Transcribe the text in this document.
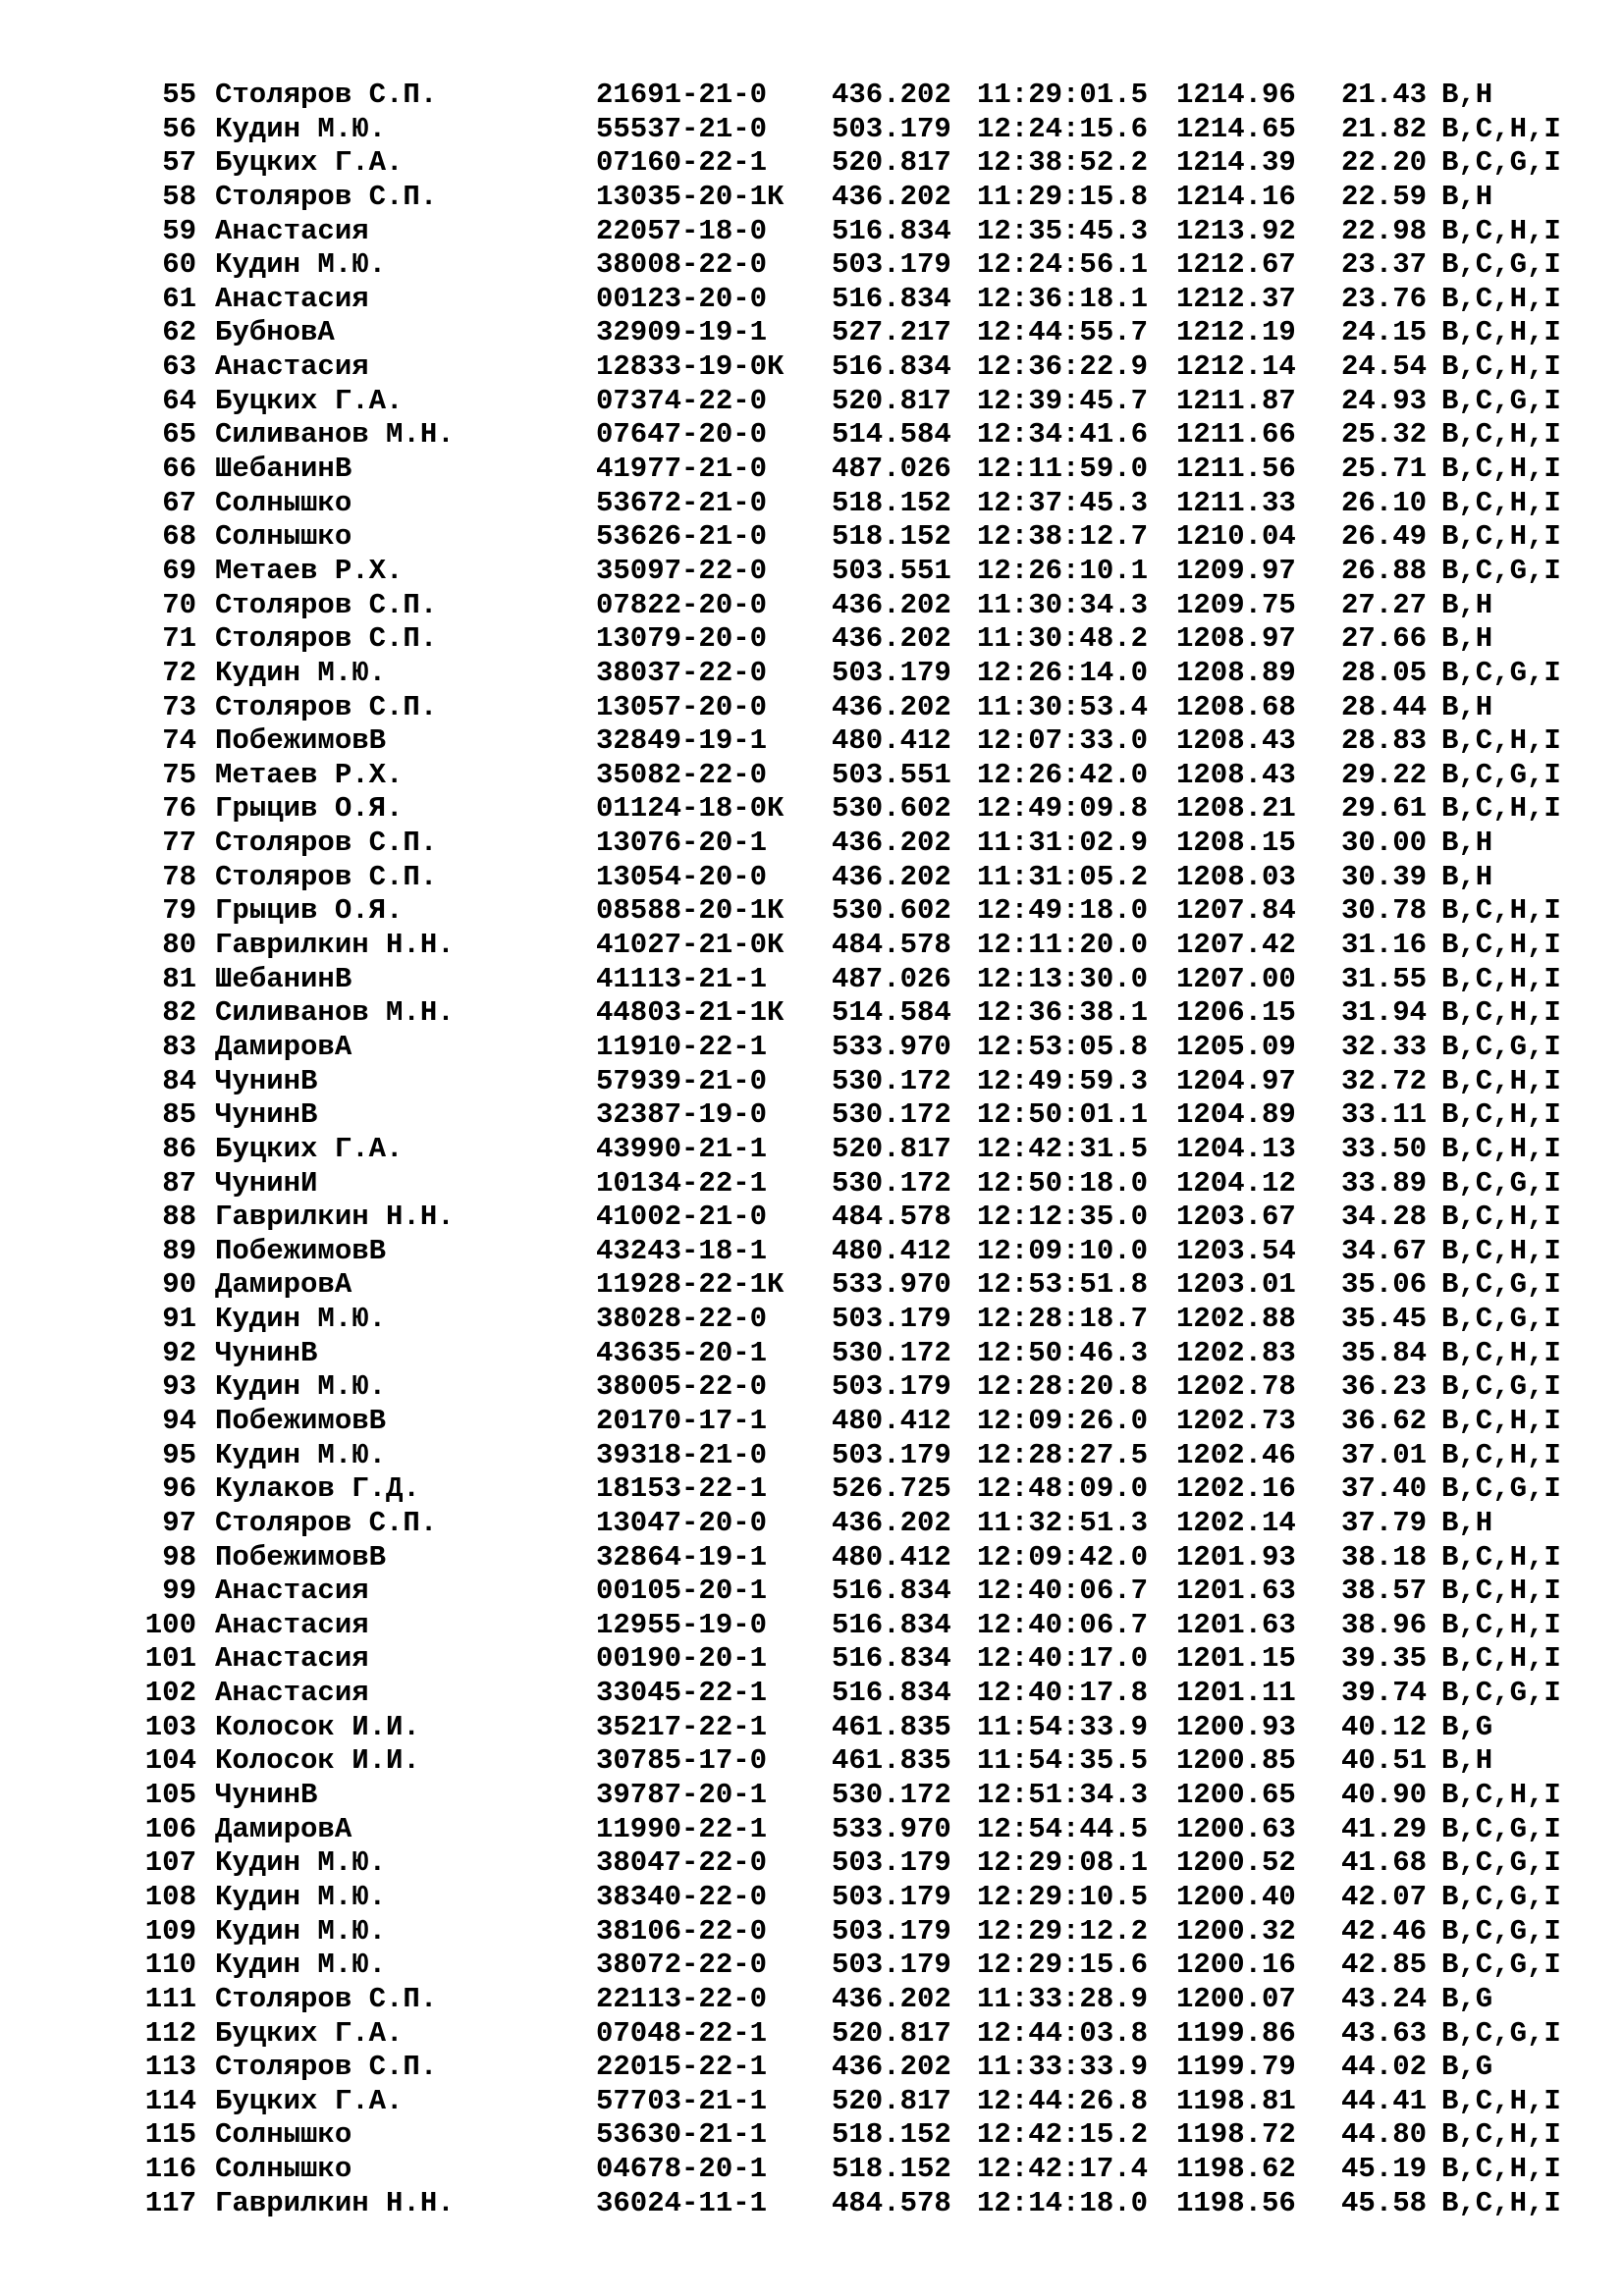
55 Столяров С.П.	21691-21-0 436.202 11:29:01.5 1214.96 21.43 B,H
56 Кудин М.Ю.	55537-21-0 503.179 12:24:15.6 1214.65 21.82 B,C,H,I
57 Буцких Г.А.	07160-22-1 520.817 12:38:52.2 1214.39 22.20 B,C,G,I
58 Столяров С.П.	13035-20-1К 436.202 11:29:15.8 1214.16 22.59 B,H
59 Анастасия	22057-18-0 516.834 12:35:45.3 1213.92 22.98 B,C,H,I
60 Кудин М.Ю.	38008-22-0 503.179 12:24:56.1 1212.67 23.37 B,C,G,I
61 Анастасия	00123-20-0 516.834 12:36:18.1 1212.37 23.76 B,C,H,I
62 БубновА	32909-19-1 527.217 12:44:55.7 1212.19 24.15 B,C,H,I
63 Анастасия	12833-19-0К 516.834 12:36:22.9 1212.14 24.54 B,C,H,I
64 Буцких Г.А.	07374-22-0 520.817 12:39:45.7 1211.87 24.93 B,C,G,I
65 Силиванов М.Н.	07647-20-0 514.584 12:34:41.6 1211.66 25.32 B,C,H,I
66 ШебанинВ	41977-21-0 487.026 12:11:59.0 1211.56 25.71 B,C,H,I
67 Солнышко	53672-21-0 518.152 12:37:45.3 1211.33 26.10 B,C,H,I
68 Солнышко	53626-21-0 518.152 12:38:12.7 1210.04 26.49 B,C,H,I
69 Метаев Р.Х.	35097-22-0 503.551 12:26:10.1 1209.97 26.88 B,C,G,I
70 Столяров С.П.	07822-20-0 436.202 11:30:34.3 1209.75 27.27 B,H
71 Столяров С.П.	13079-20-0 436.202 11:30:48.2 1208.97 27.66 B,H
72 Кудин М.Ю.	38037-22-0 503.179 12:26:14.0 1208.89 28.05 B,C,G,I
73 Столяров С.П.	13057-20-0 436.202 11:30:53.4 1208.68 28.44 B,H
74 ПобежимовВ	32849-19-1 480.412 12:07:33.0 1208.43 28.83 B,C,H,I
75 Метаев Р.Х.	35082-22-0 503.551 12:26:42.0 1208.43 29.22 B,C,G,I
76 Грыцив О.Я.	01124-18-0К 530.602 12:49:09.8 1208.21 29.61 B,C,H,I
77 Столяров С.П.	13076-20-1 436.202 11:31:02.9 1208.15 30.00 B,H
78 Столяров С.П.	13054-20-0 436.202 11:31:05.2 1208.03 30.39 B,H
79 Грыцив О.Я.	08588-20-1К 530.602 12:49:18.0 1207.84 30.78 B,C,H,I
80 Гаврилкин Н.Н.	41027-21-0К 484.578 12:11:20.0 1207.42 31.16 B,C,H,I
81 ШебанинВ	41113-21-1 487.026 12:13:30.0 1207.00 31.55 B,C,H,I
82 Силиванов М.Н.	44803-21-1К 514.584 12:36:38.1 1206.15 31.94 B,C,H,I
83 ДамировА	11910-22-1 533.970 12:53:05.8 1205.09 32.33 B,C,G,I
84 ЧунинВ	57939-21-0 530.172 12:49:59.3 1204.97 32.72 B,C,H,I
85 ЧунинВ	32387-19-0 530.172 12:50:01.1 1204.89 33.11 B,C,H,I
86 Буцких Г.А.	43990-21-1 520.817 12:42:31.5 1204.13 33.50 B,C,H,I
87 ЧунинИ	10134-22-1 530.172 12:50:18.0 1204.12 33.89 B,C,G,I
88 Гаврилкин Н.Н.	41002-21-0 484.578 12:12:35.0 1203.67 34.28 B,C,H,I
89 ПобежимовВ	43243-18-1 480.412 12:09:10.0 1203.54 34.67 B,C,H,I
90 ДамировА	11928-22-1К 533.970 12:53:51.8 1203.01 35.06 B,C,G,I
91 Кудин М.Ю.	38028-22-0 503.179 12:28:18.7 1202.88 35.45 B,C,G,I
92 ЧунинВ	43635-20-1 530.172 12:50:46.3 1202.83 35.84 B,C,H,I
93 Кудин М.Ю.	38005-22-0 503.179 12:28:20.8 1202.78 36.23 B,C,G,I
94 ПобежимовВ	20170-17-1 480.412 12:09:26.0 1202.73 36.62 B,C,H,I
95 Кудин М.Ю.	39318-21-0 503.179 12:28:27.5 1202.46 37.01 B,C,H,I
96 Кулаков Г.Д.	18153-22-1 526.725 12:48:09.0 1202.16 37.40 B,C,G,I
97 Столяров С.П.	13047-20-0 436.202 11:32:51.3 1202.14 37.79 B,H
98 ПобежимовВ	32864-19-1 480.412 12:09:42.0 1201.93 38.18 B,C,H,I
99 Анастасия	00105-20-1 516.834 12:40:06.7 1201.63 38.57 B,C,H,I
100 Анастасия	12955-19-0 516.834 12:40:06.7 1201.63 38.96 B,C,H,I
101 Анастасия	00190-20-1 516.834 12:40:17.0 1201.15 39.35 B,C,H,I
102 Анастасия	33045-22-1 516.834 12:40:17.8 1201.11 39.74 B,C,G,I
103 Колосок И.И.	35217-22-1 461.835 11:54:33.9 1200.93 40.12 B,G
104 Колосок И.И.	30785-17-0 461.835 11:54:35.5 1200.85 40.51 B,H
105 ЧунинВ	39787-20-1 530.172 12:51:34.3 1200.65 40.90 B,C,H,I
106 ДамировА	11990-22-1 533.970 12:54:44.5 1200.63 41.29 B,C,G,I
107 Кудин М.Ю.	38047-22-0 503.179 12:29:08.1 1200.52 41.68 B,C,G,I
108 Кудин М.Ю.	38340-22-0 503.179 12:29:10.5 1200.40 42.07 B,C,G,I
109 Кудин М.Ю.	38106-22-0 503.179 12:29:12.2 1200.32 42.46 B,C,G,I
110 Кудин М.Ю.	38072-22-0 503.179 12:29:15.6 1200.16 42.85 B,C,G,I
111 Столяров С.П.	22113-22-0 436.202 11:33:28.9 1200.07 43.24 B,G
112 Буцких Г.А.	07048-22-1 520.817 12:44:03.8 1199.86 43.63 B,C,G,I
113 Столяров С.П.	22015-22-1 436.202 11:33:33.9 1199.79 44.02 B,G
114 Буцких Г.А.	57703-21-1 520.817 12:44:26.8 1198.81 44.41 B,C,H,I
115 Солнышко	53630-21-1 518.152 12:42:15.2 1198.72 44.80 B,C,H,I
116 Солнышко	04678-20-1 518.152 12:42:17.4 1198.62 45.19 B,C,H,I
117 Гаврилкин Н.Н.	36024-11-1 484.578 12:14:18.0 1198.56 45.58 B,C,H,I
